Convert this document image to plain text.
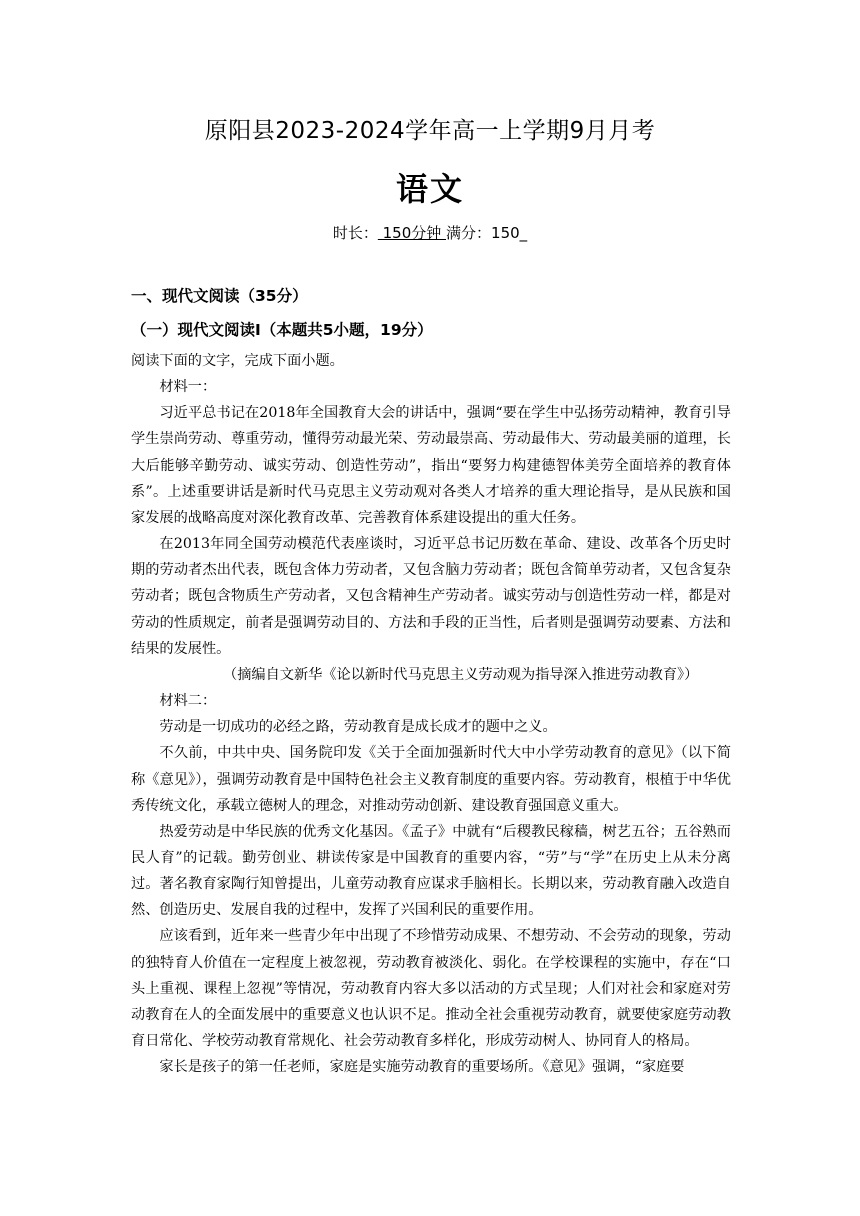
原阳县2023-2024学年高一上学期9月月考
语文
时长： 150分钟 满分：150_
一、现代文阅读（35分）
（一）现代文阅读Ⅰ（本题共5小题，19分）

阅读下面的文字，完成下面小题。

材料一：

习近平总书记在2018年全国教育大会的讲话中，强调“要在学生中弘扬劳动精神，教育引导学生崇尚劳动、尊重劳动，懂得劳动最光荣、劳动最崇高、劳动最伟大、劳动最美丽的道理，长大后能够辛勤劳动、诚实劳动、创造性劳动”，指出“要努力构建德智体美劳全面培养的教育体系”。上述重要讲话是新时代马克思主义劳动观对各类人才培养的重大理论指导，是从民族和国家发展的战略高度对深化教育改革、完善教育体系建设提出的重大任务。

在2013年同全国劳动模范代表座谈时，习近平总书记历数在革命、建设、改革各个历史时期的劳动者杰出代表，既包含体力劳动者，又包含脑力劳动者；既包含简单劳动者，又包含复杂劳动者；既包含物质生产劳动者，又包含精神生产劳动者。诚实劳动与创造性劳动一样，都是对劳动的性质规定，前者是强调劳动目的、方法和手段的正当性，后者则是强调劳动要素、方法和结果的发展性。

（摘编自文新华《论以新时代马克思主义劳动观为指导深入推进劳动教育》）

材料二：

劳动是一切成功的必经之路，劳动教育是成长成才的题中之义。

不久前，中共中央、国务院印发《关于全面加强新时代大中小学劳动教育的意见》（以下简称《意见》），强调劳动教育是中国特色社会主义教育制度的重要内容。劳动教育，根植于中华优秀传统文化，承载立德树人的理念，对推动劳动创新、建设教育强国意义重大。

热爱劳动是中华民族的优秀文化基因。《孟子》中就有“后稷教民稼穑，树艺五谷；五谷熟而民人育”的记载。勤劳创业、耕读传家是中国教育的重要内容，“劳”与“学”在历史上从未分离过。著名教育家陶行知曾提出，儿童劳动教育应谋求手脑相长。长期以来，劳动教育融入改造自然、创造历史、发展自我的过程中，发挥了兴国利民的重要作用。

应该看到，近年来一些青少年中出现了不珍惜劳动成果、不想劳动、不会劳动的现象，劳动的独特育人价值在一定程度上被忽视，劳动教育被淡化、弱化。在学校课程的实施中，存在“口头上重视、课程上忽视”等情况，劳动教育内容大多以活动的方式呈现；人们对社会和家庭对劳动教育在人的全面发展中的重要意义也认识不足。推动全社会重视劳动教育，就要使家庭劳动教育日常化、学校劳动教育常规化、社会劳动教育多样化，形成劳动树人、协同育人的格局。

家长是孩子的第一任老师，家庭是实施劳动教育的重要场所。《意见》强调，“家庭要
